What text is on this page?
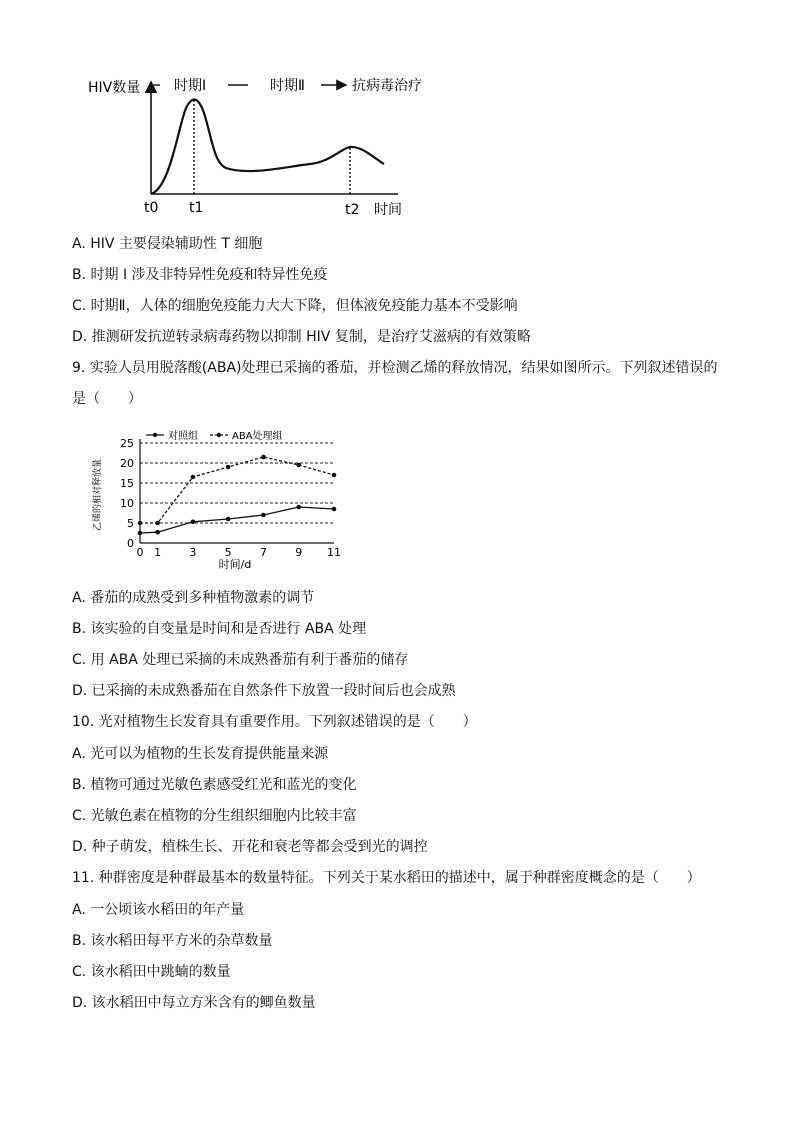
HIV数量 时期Ⅰ	时期Ⅱ	抗病毒治疗
t0 t1	t2 时间
A. HIV 主要侵染辅助性 T 细胞
B. 时期 I 涉及非特异性免疫和特异性免疫
C. 时期Ⅱ，人体的细胞免疫能力大大下降，但体液免疫能力基本不受影响
D. 推测研发抗逆转录病毒药物以抑制 HIV 复制，是治疗艾滋病的有效策略
9. 实验人员用脱落酸(ABA)处理已采摘的番茄，并检测乙烯的释放情况，结果如图所示。下列叙述错误的
是（　　）
0
5
10
15
20
25
0 1	3	5	7	9 11
对照组	ABA处理组
乙烯的相对释放量
时间/d
A. 番茄的成熟受到多种植物激素的调节
B. 该实验的自变量是时间和是否进行 ABA 处理
C. 用 ABA 处理已采摘的未成熟番茄有利于番茄的储存
D. 已采摘的未成熟番茄在自然条件下放置一段时间后也会成熟
10. 光对植物生长发育具有重要作用。下列叙述错误的是（　　）
A. 光可以为植物的生长发育提供能量来源
B. 植物可通过光敏色素感受红光和蓝光的变化
C. 光敏色素在植物的分生组织细胞内比较丰富
D. 种子萌发，植株生长、开花和衰老等都会受到光的调控
11. 种群密度是种群最基本的数量特征。下列关于某水稻田的描述中，属于种群密度概念的是（　　）
A. 一公顷该水稻田的年产量
B. 该水稻田每平方米的杂草数量
C. 该水稻田中跳蝻的数量
D. 该水稻田中每立方米含有的鲫鱼数量
